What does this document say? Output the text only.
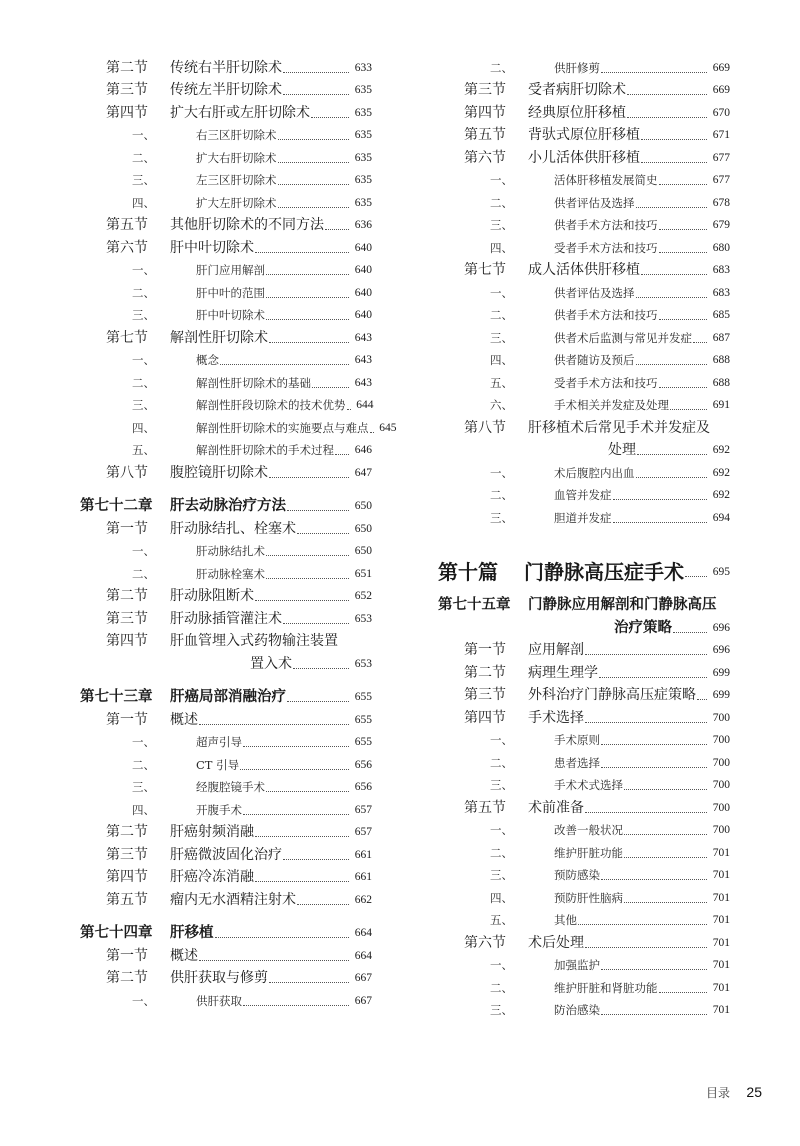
第二节	传统右半肝切除术	633
第三节	传统左半肝切除术	635
第四节	扩大右肝或左肝切除术	635
一、	右三区肝切除术	635
二、	扩大右肝切除术	635
三、	左三区肝切除术	635
四、	扩大左肝切除术	635
第五节	其他肝切除术的不同方法	636
第六节	肝中叶切除术	640
一、	肝门应用解剖	640
二、	肝中叶的范围	640
三、	肝中叶切除术	640
第七节	解剖性肝切除术	643
一、	概念	643
二、	解剖性肝切除术的基础	643
三、	解剖性肝段切除术的技术优势 644
四、	解剖性肝切除术的实施要点与难点 645
五、	解剖性肝切除术的手术过程	646
第八节	腹腔镜肝切除术	647
第七十二章	肝去动脉治疗方法	650
第一节	肝动脉结扎、栓塞术	650
一、	肝动脉结扎术	650
二、	肝动脉栓塞术	651
第二节	肝动脉阻断术	652
第三节	肝动脉插管灌注术	653
第四节	肝血管埋入式药物输注装置
置入术	653
第七十三章	肝癌局部消融治疗	655
第一节	概述	655
一、	超声引导	655
二、	CT 引导	656
三、	经腹腔镜手术	656
四、	开腹手术	657
第二节	肝癌射频消融	657
第三节	肝癌微波固化治疗	661
第四节	肝癌冷冻消融	661
第五节	瘤内无水酒精注射术	662
第七十四章	肝移植	664
第一节	概述	664
第二节	供肝获取与修剪	667
一、	供肝获取	667
二、	供肝修剪	669
第三节	受者病肝切除术	669
第四节	经典原位肝移植	670
第五节	背驮式原位肝移植	671
第六节	小儿活体供肝移植	677
一、	活体肝移植发展简史	677
二、	供者评估及选择	678
三、	供者手术方法和技巧	679
四、	受者手术方法和技巧	680
第七节	成人活体供肝移植	683
一、	供者评估及选择	683
二、	供者手术方法和技巧	685
三、	供者术后监测与常见并发症	687
四、	供者随访及预后	688
五、	受者手术方法和技巧	688
六、	手术相关并发症及处理	691
第八节	肝移植术后常见手术并发症及
处理	692
一、	术后腹腔内出血	692
二、	血管并发症	692
三、	胆道并发症	694
第十篇	门静脉高压症手术	695
第七十五章	门静脉应用解剖和门静脉高压
治疗策略	696
第一节	应用解剖	696
第二节	病理生理学	699
第三节	外科治疗门静脉高压症策略	699
第四节	手术选择	700
一、	手术原则	700
二、	患者选择	700
三、	手术术式选择	700
第五节	术前准备	700
一、	改善一般状况	700
二、	维护肝脏功能	701
三、	预防感染	701
四、	预防肝性脑病	701
五、	其他	701
第六节	术后处理	701
一、	加强监护	701
二、	维护肝脏和肾脏功能	701
三、	防治感染	701
目录 25
